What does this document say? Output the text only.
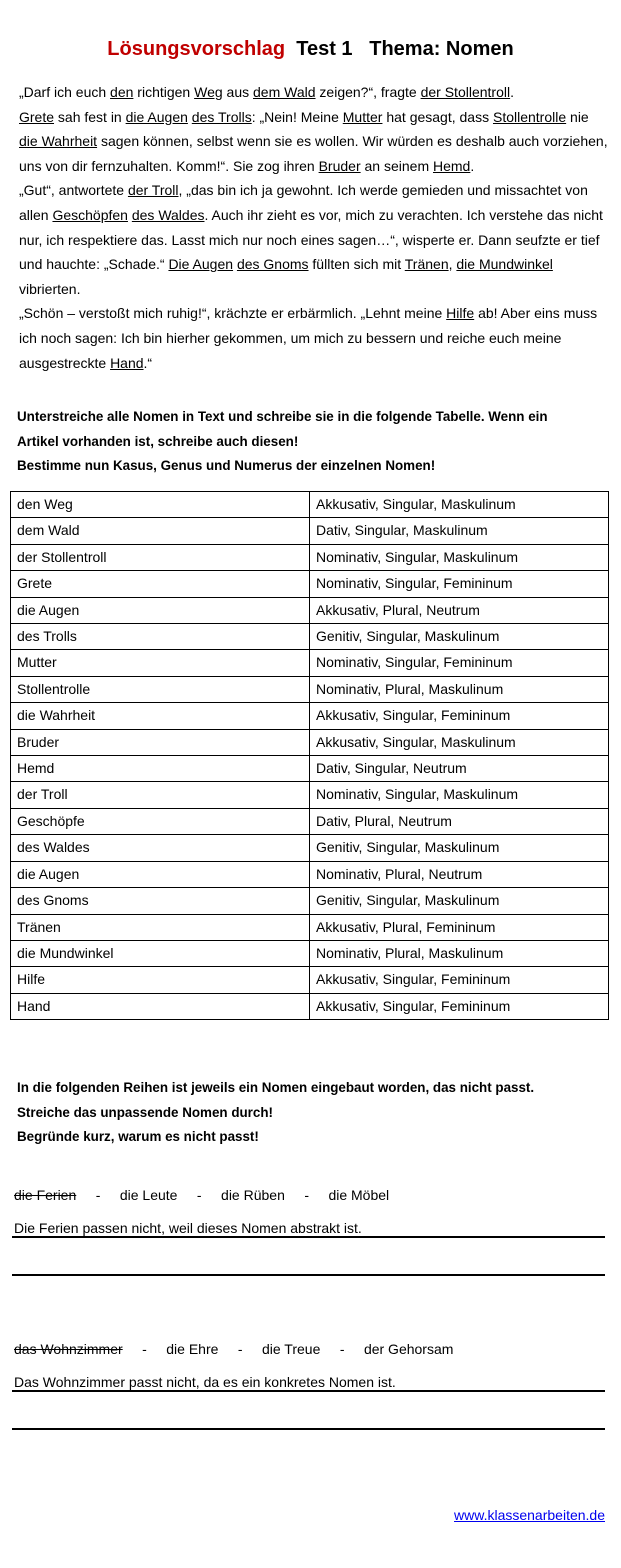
Lösungsvorschlag Test 1 Thema: Nomen

„Darf ich euch den richtigen Weg aus dem Wald zeigen?“, fragte der Stollentroll.

Grete sah fest in die Augen des Trolls: „Nein! Meine Mutter hat gesagt, dass Stollentrolle nie die Wahrheit sagen können, selbst wenn sie es wollen. Wir würden es deshalb auch vorziehen, uns von dir fernzuhalten. Komm!“. Sie zog ihren Bruder an seinem Hemd.

„Gut“, antwortete der Troll, „das bin ich ja gewohnt. Ich werde gemieden und missachtet von allen Geschöpfen des Waldes. Auch ihr zieht es vor, mich zu verachten. Ich verstehe das nicht nur, ich respektiere das. Lasst mich nur noch eines sagen…“, wisperte er. Dann seufzte er tief und hauchte: „Schade.“ Die Augen des Gnoms füllten sich mit Tränen, die Mundwinkel vibrierten.

„Schön – verstoßt mich ruhig!“, krächzte er erbärmlich. „Lehnt meine Hilfe ab! Aber eins muss ich noch sagen: Ich bin hierher gekommen, um mich zu bessern und reiche euch meine ausgestreckte Hand.“

Unterstreiche alle Nomen in Text und schreibe sie in die folgende Tabelle. Wenn ein

Artikel vorhanden ist, schreibe auch diesen!

Bestimme nun Kasus, Genus und Numerus der einzelnen Nomen!

den Weg	Akkusativ, Singular, Maskulinum
dem Wald	Dativ, Singular, Maskulinum
der Stollentroll	Nominativ, Singular, Maskulinum
Grete	Nominativ, Singular, Femininum
die Augen	Akkusativ, Plural, Neutrum
des Trolls	Genitiv, Singular, Maskulinum
Mutter	Nominativ, Singular, Femininum
Stollentrolle	Nominativ, Plural, Maskulinum
die Wahrheit	Akkusativ, Singular, Femininum
Bruder	Akkusativ, Singular, Maskulinum
Hemd	Dativ, Singular, Neutrum
der Troll	Nominativ, Singular, Maskulinum
Geschöpfe	Dativ, Plural, Neutrum
des Waldes	Genitiv, Singular, Maskulinum
die Augen	Nominativ, Plural, Neutrum
des Gnoms	Genitiv, Singular, Maskulinum
Tränen	Akkusativ, Plural, Femininum
die Mundwinkel	Nominativ, Plural, Maskulinum
Hilfe	Akkusativ, Singular, Femininum
Hand	Akkusativ, Singular, Femininum

In die folgenden Reihen ist jeweils ein Nomen eingebaut worden, das nicht passt.

Streiche das unpassende Nomen durch!

Begründe kurz, warum es nicht passt!

die Ferien - die Leute - die Rüben - die Möbel
Die Ferien passen nicht, weil dieses Nomen abstrakt ist.
das Wohnzimmer - die Ehre - die Treue - der Gehorsam
Das Wohnzimmer passt nicht, da es ein konkretes Nomen ist.
www.klassenarbeiten.de
